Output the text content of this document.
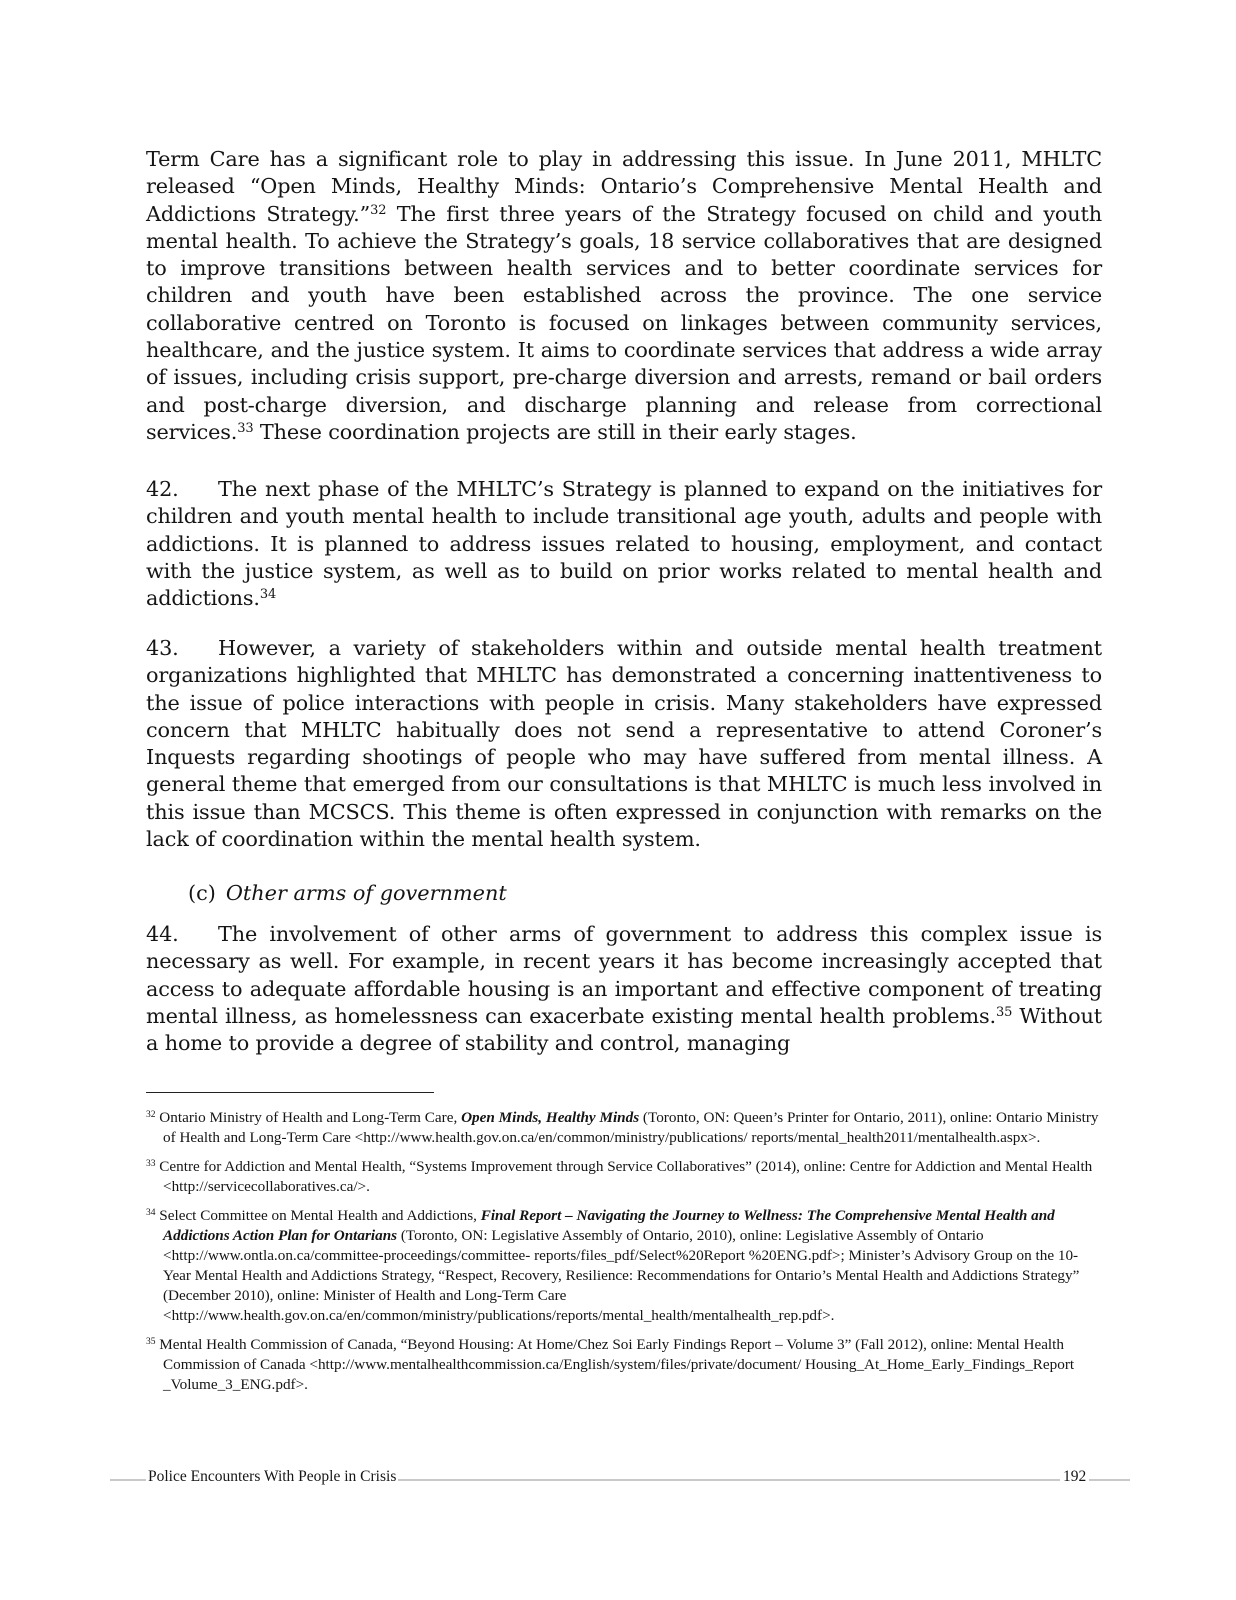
Term Care has a significant role to play in addressing this issue. In June 2011, MHLTC released “Open Minds, Healthy Minds: Ontario’s Comprehensive Mental Health and Addictions Strategy.”$^{32}$ The first three years of the Strategy focused on child and youth mental health. To achieve the Strategy’s goals, 18 service collaboratives that are designed to improve transitions between health services and to better coordinate services for children and youth have been established across the province. The one service collaborative centred on Toronto is focused on linkages between community services, healthcare, and the justice system. It aims to coordinate services that address a wide array of issues, including crisis support, pre-charge diversion and arrests, remand or bail orders and post-charge diversion, and discharge planning and release from correctional services.$^{33}$ These coordination projects are still in their early stages.

42. The next phase of the MHLTC’s Strategy is planned to expand on the initiatives for children and youth mental health to include transitional age youth, adults and people with addictions. It is planned to address issues related to housing, employment, and contact with the justice system, as well as to build on prior works related to mental health and addictions.$^{34}$

43. However, a variety of stakeholders within and outside mental health treatment organizations highlighted that MHLTC has demonstrated a concerning inattentiveness to the issue of police interactions with people in crisis. Many stakeholders have expressed concern that MHLTC habitually does not send a representative to attend Coroner’s Inquests regarding shootings of people who may have suffered from mental illness. A general theme that emerged from our consultations is that MHLTC is much less involved in this issue than MCSCS. This theme is often expressed in conjunction with remarks on the lack of coordination within the mental health system.

(c) Other arms of government

44. The involvement of other arms of government to address this complex issue is necessary as well. For example, in recent years it has become increasingly accepted that access to adequate affordable housing is an important and effective component of treating mental illness, as homelessness can exacerbate existing mental health problems.$^{35}$ Without a home to provide a degree of stability and control, managing

$^{32}$ Ontario Ministry of Health and Long-Term Care, Open Minds, Healthy Minds (Toronto, ON: Queen’s Printer for Ontario, 2011), online: Ontario Ministry of Health and Long-Term Care <http://www.health.gov.on.ca/en/common/ministry/publications/ reports/mental_health2011/mentalhealth.aspx>.

$^{33}$ Centre for Addiction and Mental Health, “Systems Improvement through Service Collaboratives” (2014), online: Centre for Addiction and Mental Health <http://servicecollaboratives.ca/>.

$^{34}$ Select Committee on Mental Health and Addictions, Final Report – Navigating the Journey to Wellness: The Comprehensive Mental Health and Addictions Action Plan for Ontarians (Toronto, ON: Legislative Assembly of Ontario, 2010), online: Legislative Assembly of Ontario <http://www.ontla.on.ca/committee-proceedings/committee- reports/files_pdf/Select%20Report %20ENG.pdf>; Minister’s Advisory Group on the 10-Year Mental Health and Addictions Strategy, “Respect, Recovery, Resilience: Recommendations for Ontario’s Mental Health and Addictions Strategy” (December 2010), online: Minister of Health and Long-Term Care <http://www.health.gov.on.ca/en/common/ministry/publications/reports/mental_health/mentalhealth_rep.pdf>.

$^{35}$ Mental Health Commission of Canada, “Beyond Housing: At Home/Chez Soi Early Findings Report – Volume 3” (Fall 2012), online: Mental Health Commission of Canada <http://www.mentalhealthcommission.ca/English/system/files/private/document/ Housing_At_Home_Early_Findings_Report _Volume_3_ENG.pdf>.

Police Encounters With People in Crisis	192
